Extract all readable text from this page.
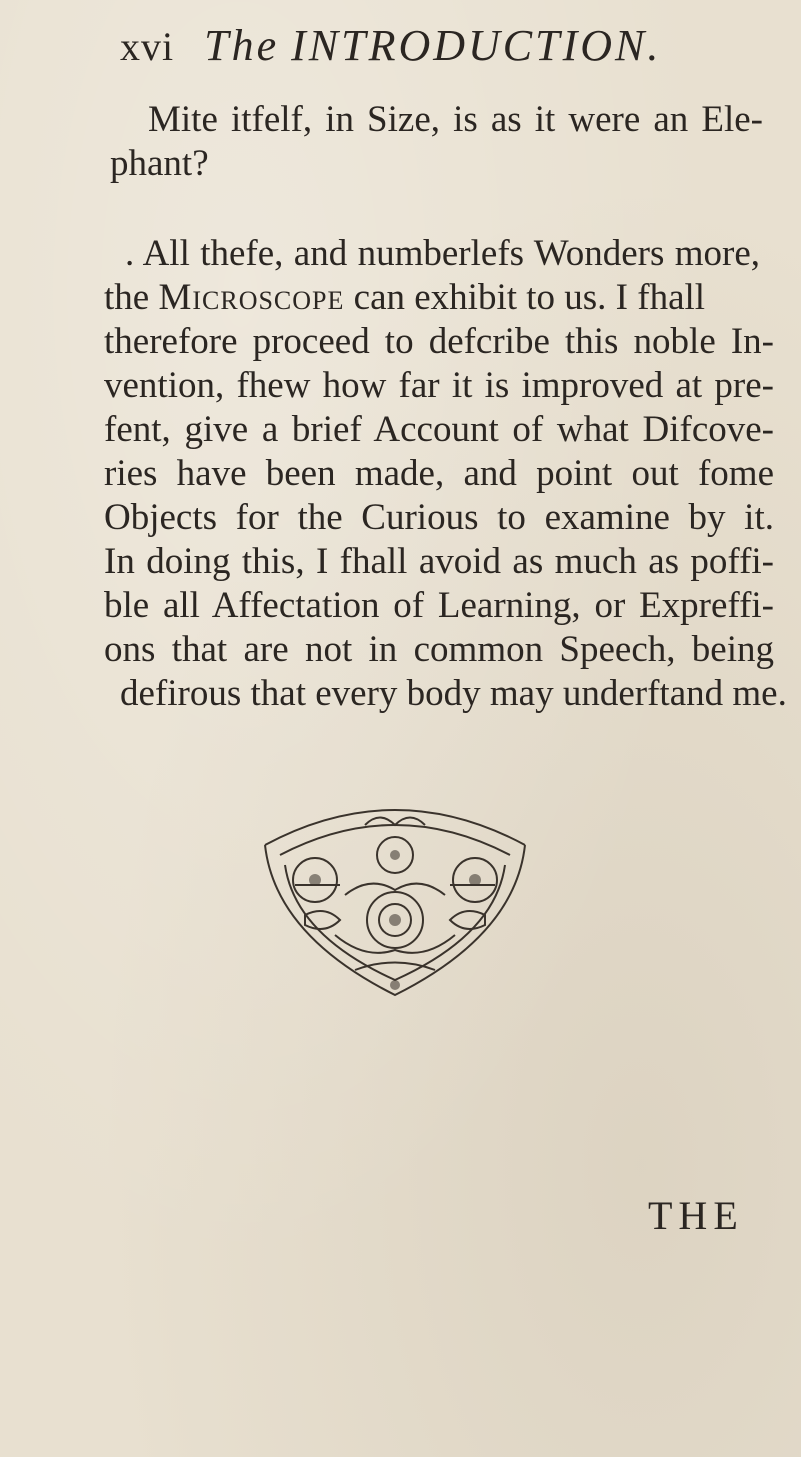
xvi The INTRODUCTION.
Mite itfelf, in Size, is as it were an Ele-
phant?
. All thefe, and numberlefs Wonders more,
the Microscope can exhibit to us. I fhall
therefore proceed to defcribe this noble In-
vention, fhew how far it is improved at pre-
fent, give a brief Account of what Difcove-
ries have been made, and point out fome
Objects for the Curious to examine by it.
In doing this, I fhall avoid as much as poffi-
ble all Affectation of Learning, or Expreffi-
ons that are not in common Speech, being
defirous that every body may underftand me.
THE
